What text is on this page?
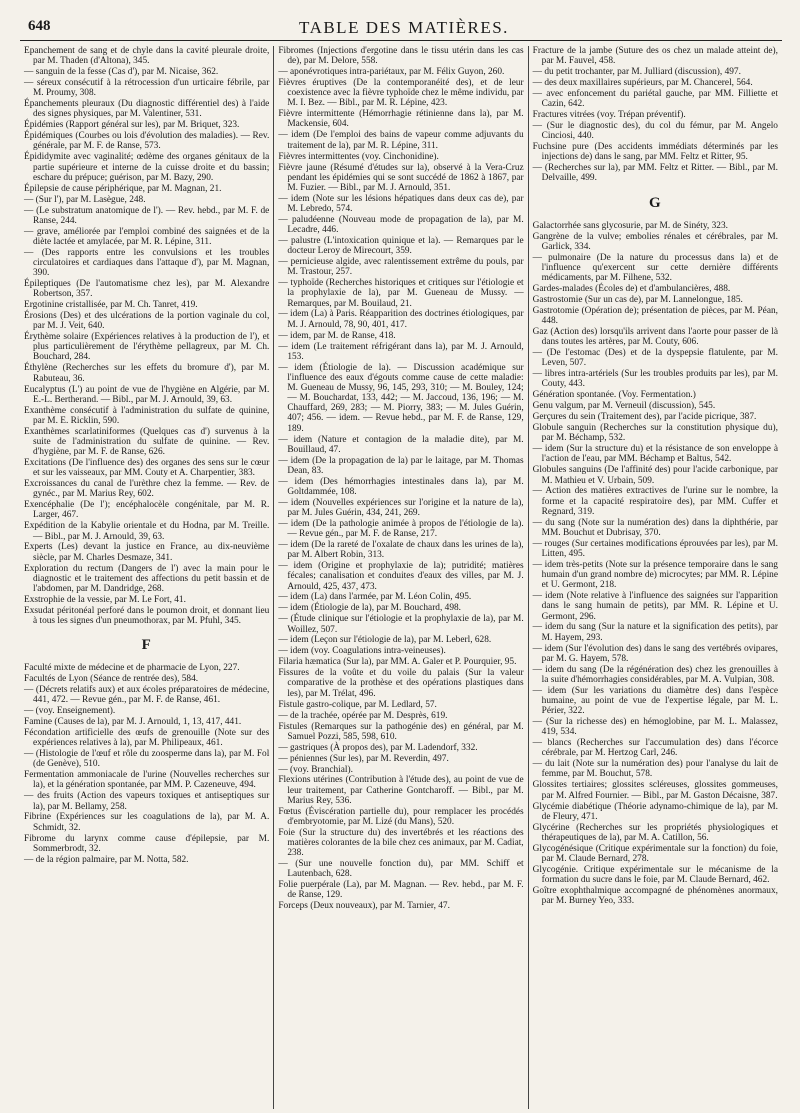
648	TABLE DES MATIÈRES.

Épanchement de sang et de chyle dans la cavité pleurale droite, par M. Thaden (d'Altona), 345.

— sanguin de la fesse (Cas d'), par M. Nicaise, 362.

— séreux consécutif à la rétrocession d'un urticaire fébrile, par M. Proumy, 308.

Épanchements pleuraux (Du diagnostic différentiel des) à l'aide des signes physiques, par M. Valentiner, 531.

Épidémies (Rapport général sur les), par M. Briquet, 323.

Épidémiques (Courbes ou lois d'évolution des maladies). — Rev. générale, par M. F. de Ranse, 573.

Épididymite avec vaginalité; œdème des organes génitaux de la partie supérieure et interne de la cuisse droite et du bassin; eschare du prépuce; guérison, par M. Bazy, 290.

Épilepsie de cause périphérique, par M. Magnan, 21.

— (Sur l'), par M. Lasègue, 248.

— (Le substratum anatomique de l'). — Rev. hebd., par M. F. de Ranse, 244.

— grave, améliorée par l'emploi combiné des saignées et de la diète lactée et amylacée, par M. R. Lépine, 311.

— (Des rapports entre les convulsions et les troubles circulatoires et cardiaques dans l'attaque d'), par M. Magnan, 390.

Épileptiques (De l'automatisme chez les), par M. Alexandre Robertson, 357.

Ergotinine cristallisée, par M. Ch. Tanret, 419.

Érosions (Des) et des ulcérations de la portion vaginale du col, par M. J. Veit, 640.

Érythème solaire (Expériences relatives à la production de l'), et plus particulièrement de l'érythème pellagreux, par M. Ch. Bouchard, 284.

Éthylène (Recherches sur les effets du bromure d'), par M. Rabuteau, 36.

Eucalyptus (L') au point de vue de l'hygiène en Algérie, par M. E.-L. Bertherand. — Bibl., par M. J. Arnould, 39, 63.

Exanthème consécutif à l'administration du sulfate de quinine, par M. E. Ricklin, 590.

Exanthèmes scarlatiniformes (Quelques cas d') survenus à la suite de l'administration du sulfate de quinine. — Rev. d'hygiène, par M. F. de Ranse, 626.

Excitations (De l'influence des) des organes des sens sur le cœur et sur les vaisseaux, par MM. Couty et A. Charpentier, 383.

Excroissances du canal de l'urèthre chez la femme. — Rev. de gynéc., par M. Marius Rey, 602.

Exencéphalie (De l'); encéphalocèle congénitale, par M. R. Larger, 467.

Expédition de la Kabylie orientale et du Hodna, par M. Treille. — Bibl., par M. J. Arnould, 39, 63.

Experts (Les) devant la justice en France, au dix-neuvième siècle, par M. Charles Desmaze, 341.

Exploration du rectum (Dangers de l') avec la main pour le diagnostic et le traitement des affections du petit bassin et de l'abdomen, par M. Dandridge, 268.

Exstrophie de la vessie, par M. Le Fort, 41.

Exsudat péritonéal perforé dans le poumon droit, et donnant lieu à tous les signes d'un pneumothorax, par M. Pfuhl, 345.

F

Faculté mixte de médecine et de pharmacie de Lyon, 227.

Facultés de Lyon (Séance de rentrée des), 584.

— (Décrets relatifs aux) et aux écoles préparatoires de médecine, 441, 472. — Revue gén., par M. F. de Ranse, 461.

— (voy. Enseignement).

Famine (Causes de la), par M. J. Arnould, 1, 13, 417, 441.

Fécondation artificielle des œufs de grenouille (Note sur des expériences relatives à la), par M. Philipeaux, 461.

— (Histologie de l'œuf et rôle du zoosperme dans la), par M. Fol (de Genève), 510.

Fermentation ammoniacale de l'urine (Nouvelles recherches sur la), et la génération spontanée, par MM. P. Cazeneuve, 494.

— des fruits (Action des vapeurs toxiques et antiseptiques sur la), par M. Bellamy, 258.

Fibrine (Expériences sur les coagulations de la), par M. A. Schmidt, 32.

Fibrome du larynx comme cause d'épilepsie, par M. Sommerbrodt, 32.

— de la région palmaire, par M. Notta, 582.

Fibromes (Injections d'ergotine dans le tissu utérin dans les cas de), par M. Delore, 558.

— aponévrotiques intra-pariétaux, par M. Félix Guyon, 260.

Fièvres éruptives (De la contemporanéité des), et de leur coexistence avec la fièvre typhoïde chez le même individu, par M. I. Bez. — Bibl., par M. R. Lépine, 423.

Fièvre intermittente (Hémorrhagie rétinienne dans la), par M. Mackensie, 604.

— idem (De l'emploi des bains de vapeur comme adjuvants du traitement de la), par M. R. Lépine, 311.

Fièvres intermittentes (voy. Cinchonidine).

Fièvre jaune (Résumé d'études sur la), observé à la Vera-Cruz pendant les épidémies qui se sont succédé de 1862 à 1867, par M. Fuzier. — Bibl., par M. J. Arnould, 351.

— idem (Note sur les lésions hépatiques dans deux cas de), par M. Lebredo, 574.

— paludéenne (Nouveau mode de propagation de la), par M. Lecadre, 446.

— palustre (L'intoxication quinique et la). — Remarques par le docteur Leroy de Mirecourt, 359.

— pernicieuse algide, avec ralentissement extrême du pouls, par M. Trastour, 257.

— typhoïde (Recherches historiques et critiques sur l'étiologie et la prophylaxie de la), par M. Gueneau de Mussy. — Remarques, par M. Bouilaud, 21.

— idem (La) à Paris. Réapparition des doctrines étiologiques, par M. J. Arnould, 78, 90, 401, 417.

— idem, par M. de Ranse, 418.

— idem (Le traitement réfrigérant dans la), par M. J. Arnould, 153.

— idem (Étiologie de la). — Discussion académique sur l'influence des eaux d'égouts comme cause de cette maladie: M. Gueneau de Mussy, 96, 145, 293, 310; — M. Bouley, 124; — M. Bouchardat, 133, 442; — M. Jaccoud, 136, 196; — M. Chauffard, 269, 283; — M. Piorry, 383; — M. Jules Guérin, 407; 456. — idem. — Revue hebd., par M. F. de Ranse, 129, 189.

— idem (Nature et contagion de la maladie dite), par M. Bouillaud, 47.

— idem (De la propagation de la) par le laitage, par M. Thomas Dean, 83.

— idem (Des hémorrhagies intestinales dans la), par M. Goltdammée, 108.

— idem (Nouvelles expériences sur l'origine et la nature de la), par M. Jules Guérin, 434, 241, 269.

— idem (De la pathologie animée à propos de l'étiologie de la). — Revue gén., par M. F. de Ranse, 217.

— idem (De la rareté de l'oxalate de chaux dans les urines de la), par M. Albert Robin, 313.

— idem (Origine et prophylaxie de la); putridité; matières fécales; canalisation et conduites d'eaux des villes, par M. J. Arnould, 425, 437, 473.

— idem (La) dans l'armée, par M. Léon Colin, 495.

— idem (Étiologie de la), par M. Bouchard, 498.

— (Étude clinique sur l'étiologie et la prophylaxie de la), par M. Woillez, 507.

— idem (Leçon sur l'étiologie de la), par M. Leberl, 628.

— idem (voy. Coagulations intra-veineuses).

Filaria hæmatica (Sur la), par MM. A. Galer et P. Pourquier, 95.

Fissures de la voûte et du voile du palais (Sur la valeur comparative de la prothèse et des opérations plastiques dans les), par M. Trélat, 496.

Fistule gastro-colique, par M. Ledlard, 57.

— de la trachée, opérée par M. Desprès, 619.

Fistules (Remarques sur la pathogénie des) en général, par M. Samuel Pozzi, 585, 598, 610.

— gastriques (À propos des), par M. Ladendorf, 332.

— péniennes (Sur les), par M. Reverdin, 497.

— (voy. Branchial).

Flexions utérines (Contribution à l'étude des), au point de vue de leur traitement, par Catherine Gontcharoff. — Bibl., par M. Marius Rey, 536.

Fœtus (Éviscération partielle du), pour remplacer les procédés d'embryotomie, par M. Lizé (du Mans), 520.

Foie (Sur la structure du) des invertébrés et les réactions des matières colorantes de la bile chez ces animaux, par M. Cadiat, 238.

— (Sur une nouvelle fonction du), par MM. Schiff et Lautenbach, 628.

Folie puerpérale (La), par M. Magnan. — Rev. hebd., par M. F. de Ranse, 129.

Forceps (Deux nouveaux), par M. Tarnier, 47.

Fracture de la jambe (Suture des os chez un malade atteint de), par M. Fauvel, 458.

— du petit trochanter, par M. Julliard (discussion), 497.

— des deux maxillaires supérieurs, par M. Chancerel, 564.

— avec enfoncement du pariétal gauche, par MM. Filliette et Cazin, 642.

Fractures vitrées (voy. Trépan préventif).

— (Sur le diagnostic des), du col du fémur, par M. Angelo Cinciosi, 440.

Fuchsine pure (Des accidents immédiats déterminés par les injections de) dans le sang, par MM. Feltz et Ritter, 95.

— (Recherches sur la), par MM. Feltz et Ritter. — Bibl., par M. Delvaille, 499.

G

Galactorrhée sans glycosurie, par M. de Sinéty, 323.

Gangrène de la vulve; embolies rénales et cérébrales, par M. Garlick, 334.

— pulmonaire (De la nature du processus dans la) et de l'influence qu'exercent sur cette dernière différents médicaments, par M. Filhene, 532.

Gardes-malades (Écoles de) et d'ambulancières, 488.

Gastrostomie (Sur un cas de), par M. Lannelongue, 185.

Gastrotomie (Opération de); présentation de pièces, par M. Péan, 448.

Gaz (Action des) lorsqu'ils arrivent dans l'aorte pour passer de là dans toutes les artères, par M. Couty, 606.

— (De l'estomac (Des) et de la dyspepsie flatulente, par M. Leven, 507.

— libres intra-artériels (Sur les troubles produits par les), par M. Couty, 443.

Génération spontanée. (Voy. Fermentation.)

Genu valgum, par M. Verneuil (discussion), 545.

Gerçures du sein (Traitement des), par l'acide picrique, 387.

Globule sanguin (Recherches sur la constitution physique du), par M. Béchamp, 532.

— idem (Sur la structure du) et la résistance de son enveloppe à l'action de l'eau, par MM. Béchamp et Baltus, 542.

Globules sanguins (De l'affinité des) pour l'acide carbonique, par M. Mathieu et V. Urbain, 509.

— Action des matières extractives de l'urine sur le nombre, la forme et la capacité respiratoire des), par MM. Cuffer et Regnard, 319.

— du sang (Note sur la numération des) dans la diphthérie, par MM. Bouchut et Dubrisay, 370.

— rouges (Sur certaines modifications éprouvées par les), par M. Litten, 495.

— idem très-petits (Note sur la présence temporaire dans le sang humain d'un grand nombre de) microcytes; par MM. R. Lépine et U. Germont, 218.

— idem (Note relative à l'influence des saignées sur l'apparition dans le sang humain de petits), par MM. R. Lépine et U. Germont, 296.

— idem du sang (Sur la nature et la signification des petits), par M. Hayem, 293.

— idem (Sur l'évolution des) dans le sang des vertébrés ovipares, par M. G. Hayem, 578.

— idem du sang (De la régénération des) chez les grenouilles à la suite d'hémorrhagies considérables, par M. A. Vulpian, 308.

— idem (Sur les variations du diamètre des) dans l'espèce humaine, au point de vue de l'expertise légale, par M. L. Périer, 322.

— (Sur la richesse des) en hémoglobine, par M. L. Malassez, 419, 534.

— blancs (Recherches sur l'accumulation des) dans l'écorce cérébrale, par M. Hertzog Carl, 246.

— du lait (Note sur la numération des) pour l'analyse du lait de femme, par M. Bouchut, 578.

Glossites tertiaires; glossites scléreuses, glossites gommeuses, par M. Alfred Fournier. — Bibl., par M. Gaston Décaisne, 387.

Glycémie diabétique (Théorie adynamo-chimique de la), par M. de Fleury, 471.

Glycérine (Recherches sur les propriétés physiologiques et thérapeutiques de la), par M. A. Catillon, 56.

Glycogénésique (Critique expérimentale sur la fonction) du foie, par M. Claude Bernard, 278.

Glycogénie. Critique expérimentale sur le mécanisme de la formation du sucre dans le foie, par M. Claude Bernard, 462.

Goître exophthalmique accompagné de phénomènes anormaux, par M. Burney Yeo, 333.
